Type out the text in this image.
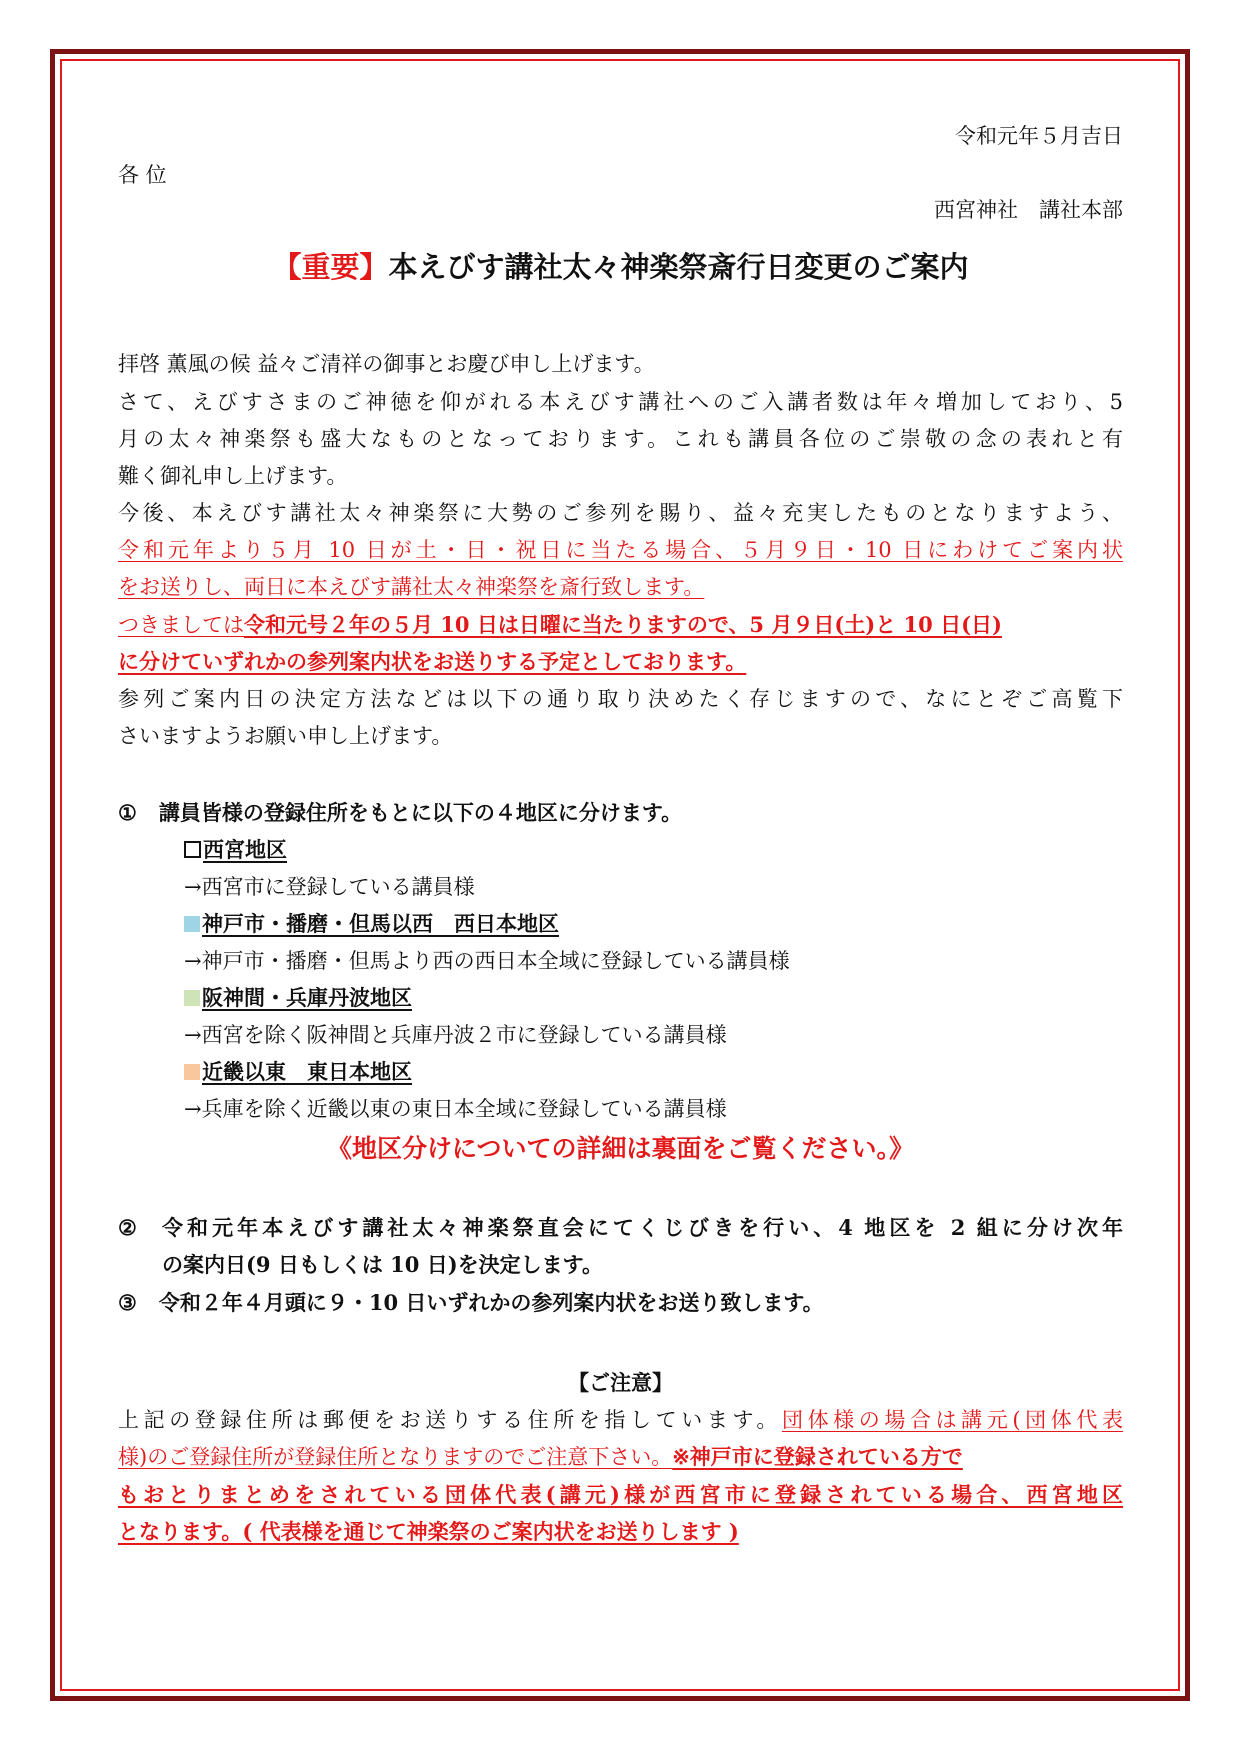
令和元年５月吉日
各 位
西宮神社　講社本部
【重要】本えびす講社太々神楽祭斎行日変更のご案内
拝啓 薫風の候 益々ご清祥の御事とお慶び申し上げます。
さて、えびすさまのご神徳を仰がれる本えびす講社へのご入講者数は年々増加しており、5
月の太々神楽祭も盛大なものとなっております。これも講員各位のご崇敬の念の表れと有
難く御礼申し上げます。
今後、本えびす講社太々神楽祭に大勢のご参列を賜り、益々充実したものとなりますよう、
令和元年より５月 10 日が土・日・祝日に当たる場合、５月９日・10 日にわけてご案内状
をお送りし、両日に本えびす講社太々神楽祭を斎行致します。
つきましては令和元号２年の５月 10 日は日曜に当たりますので、5 月９日(土)と 10 日(日)
に分けていずれかの参列案内状をお送りする予定としております。
参列ご案内日の決定方法などは以下の通り取り決めたく存じますので、なにとぞご高覧下
さいますようお願い申し上げます。
① 講員皆様の登録住所をもとに以下の４地区に分けます。
西宮地区
→西宮市に登録している講員様
神戸市・播磨・但馬以西　西日本地区
→神戸市・播磨・但馬より西の西日本全域に登録している講員様
阪神間・兵庫丹波地区
→西宮を除く阪神間と兵庫丹波２市に登録している講員様
近畿以東　東日本地区
→兵庫を除く近畿以東の東日本全域に登録している講員様
《地区分けについての詳細は裏面をご覧ください。》
② 令和元年本えびす講社太々神楽祭直会にてくじびきを行い、4 地区を 2 組に分け次年
の案内日(9 日もしくは 10 日)を決定します。
③ 令和２年４月頭に９・10 日いずれかの参列案内状をお送り致します。
【ご注意】
上記の登録住所は郵便をお送りする住所を指しています。団体様の場合は講元(団体代表
様)のご登録住所が登録住所となりますのでご注意下さい。※神戸市に登録されている方で
もおとりまとめをされている団体代表(講元)様が西宮市に登録されている場合、西宮地区
となります。( 代表様を通じて神楽祭のご案内状をお送りします )
